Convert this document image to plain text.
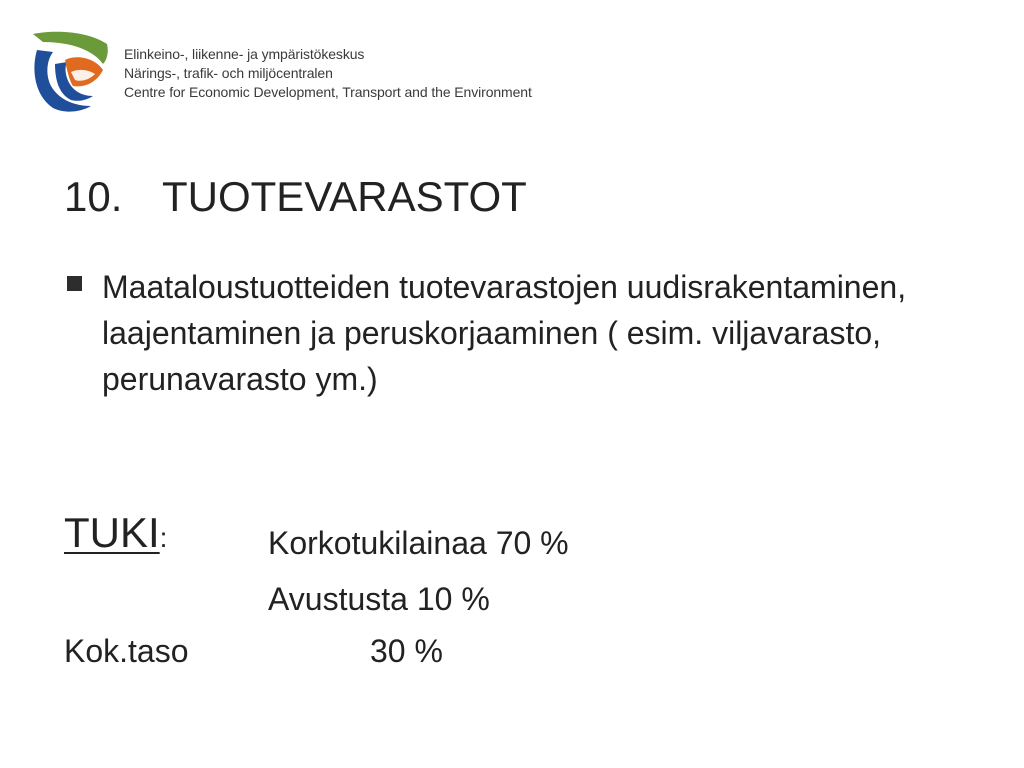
Elinkeino-, liikenne- ja ympäristökeskus
Närings-, trafik- och miljöcentralen
Centre for Economic Development, Transport and the Environment
10. TUOTEVARASTOT
Maataloustuotteiden tuotevarastojen uudisrakentaminen, laajentaminen ja peruskorjaaminen ( esim. viljavarasto, perunavarasto ym.)
TUKI:	Korkotukilainaa 70 %
Avustusta 10 %
Kok.taso	30 %
